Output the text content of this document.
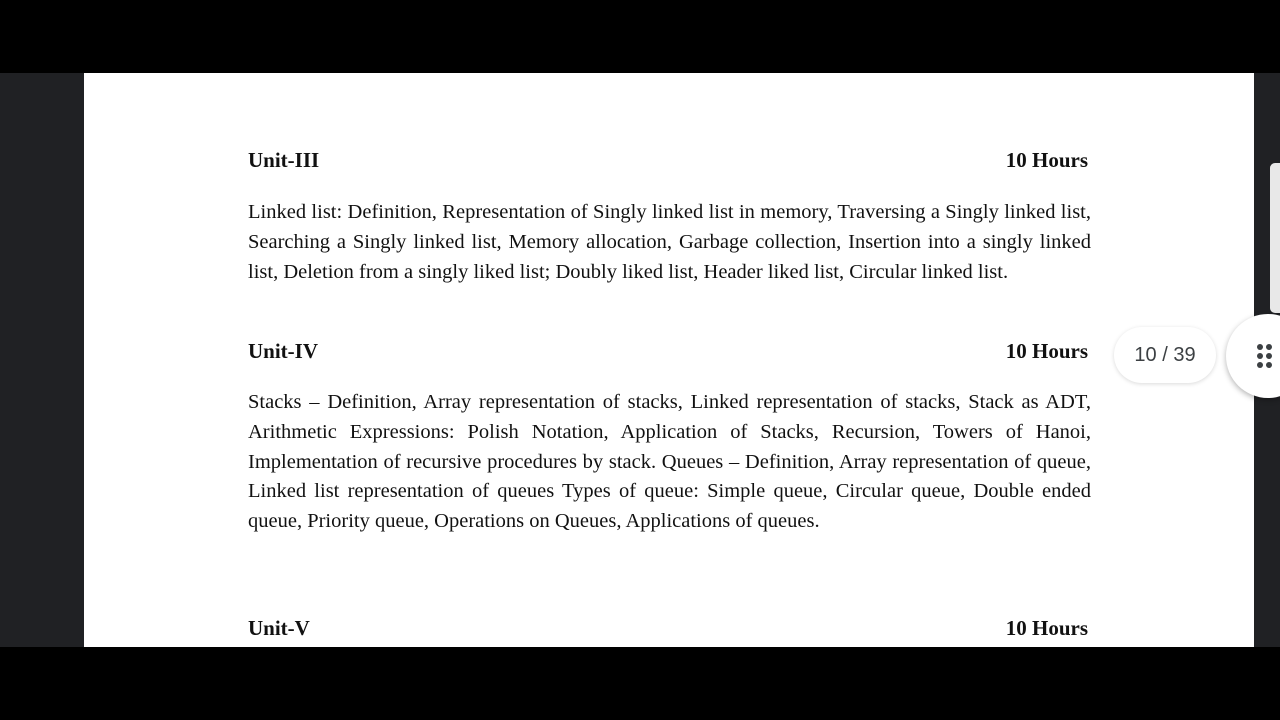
Unit-III	10 Hours

Linked list: Definition, Representation of Singly linked list in memory, Traversing a Singly linked list, Searching a Singly linked list, Memory allocation, Garbage collection, Insertion into a singly linked list, Deletion from a singly liked list; Doubly liked list, Header liked list, Circular linked list.

Unit-IV	10 Hours

Stacks – Definition, Array representation of stacks, Linked representation of stacks, Stack as ADT, Arithmetic Expressions: Polish Notation, Application of Stacks, Recursion, Towers of Hanoi, Implementation of recursive procedures by stack. Queues – Definition, Array representation of queue, Linked list representation of queues Types of queue: Simple queue, Circular queue, Double ended queue, Priority queue, Operations on Queues, Applications of queues.

Unit-V	10 Hours
10 / 39
